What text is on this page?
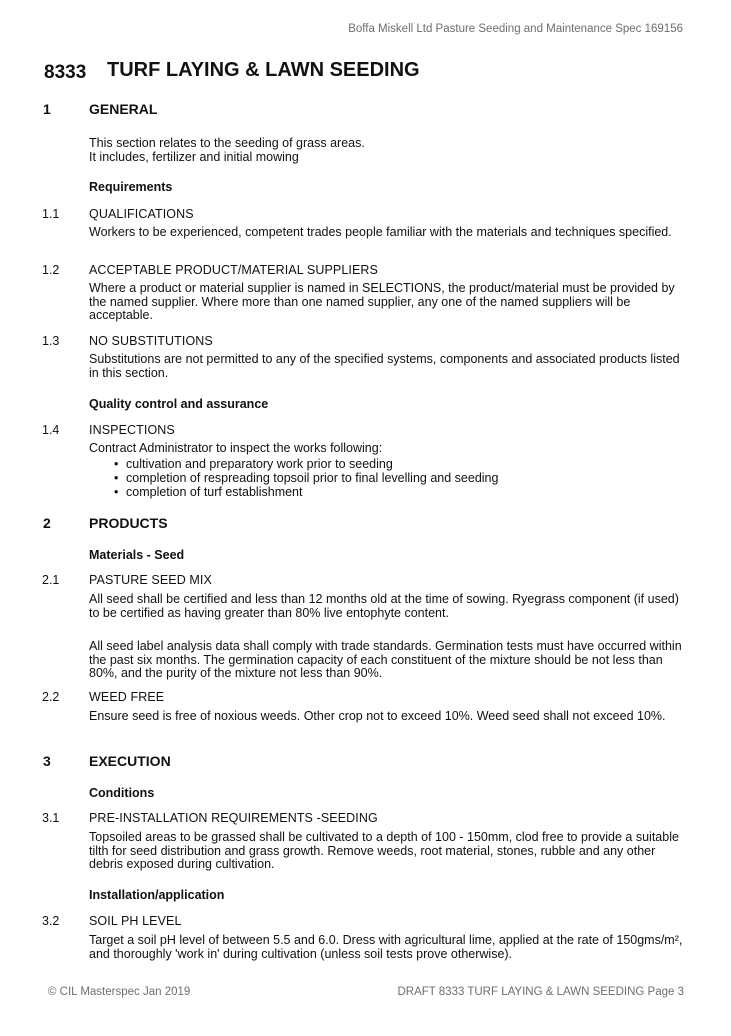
Boffa Miskell Ltd Pasture Seeding and Maintenance Spec 169156
8333 TURF LAYING & LAWN SEEDING
1	GENERAL
This section relates to the seeding of grass areas.
It includes, fertilizer and initial mowing
Requirements
1.1 QUALIFICATIONS
Workers to be experienced, competent trades people familiar with the materials and techniques specified.
1.2 ACCEPTABLE PRODUCT/MATERIAL SUPPLIERS
Where a product or material supplier is named in SELECTIONS, the product/material must be provided by the named supplier. Where more than one named supplier, any one of the named suppliers will be acceptable.
1.3 NO SUBSTITUTIONS
Substitutions are not permitted to any of the specified systems, components and associated products listed in this section.
Quality control and assurance
1.4 INSPECTIONS
Contract Administrator to inspect the works following:
• cultivation and preparatory work prior to seeding
• completion of respreading topsoil prior to final levelling and seeding
• completion of turf establishment
2	PRODUCTS
Materials - Seed
2.1 PASTURE SEED MIX
All seed shall be certified and less than 12 months old at the time of sowing. Ryegrass component (if used) to be certified as having greater than 80% live entophyte content.
All seed label analysis data shall comply with trade standards. Germination tests must have occurred within the past six months. The germination capacity of each constituent of the mixture should be not less than 80%, and the purity of the mixture not less than 90%.
2.2 WEED FREE
Ensure seed is free of noxious weeds. Other crop not to exceed 10%. Weed seed shall not exceed 10%.
3	EXECUTION
Conditions
3.1 PRE-INSTALLATION REQUIREMENTS -SEEDING
Topsoiled areas to be grassed shall be cultivated to a depth of 100 - 150mm, clod free to provide a suitable tilth for seed distribution and grass growth. Remove weeds, root material, stones, rubble and any other debris exposed during cultivation.
Installation/application
3.2 SOIL PH LEVEL
Target a soil pH level of between 5.5 and 6.0. Dress with agricultural lime, applied at the rate of 150gms/m², and thoroughly 'work in' during cultivation (unless soil tests prove otherwise).
© CIL Masterspec Jan 2019	DRAFT 8333 TURF LAYING & LAWN SEEDING Page 3
